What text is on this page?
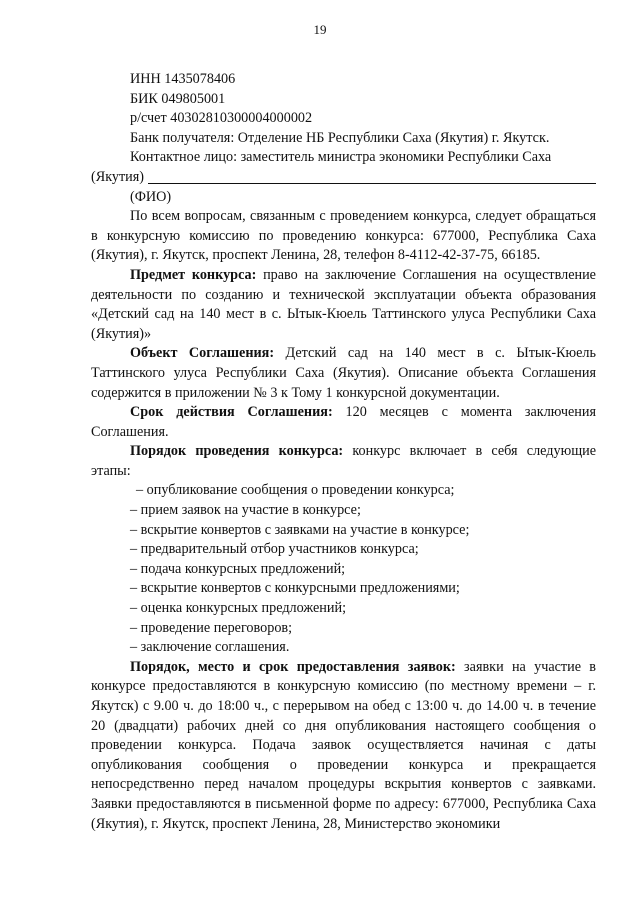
19
ИНН 1435078406
БИК 049805001
р/счет 40302810300004000002
Банк получателя: Отделение НБ Республики Саха (Якутия) г. Якутск.

Контактное лицо: заместитель министра экономики Республики Саха

(Якутия)
(ФИО)

По всем вопросам, связанным с проведением конкурса, следует обращаться в конкурсную комиссию по проведению конкурса: 677000, Республика Саха (Якутия), г. Якутск, проспект Ленина, 28, телефон 8-4112-42-37-75, 66185.

Предмет конкурса: право на заключение Соглашения на осуществление деятельности по созданию и технической эксплуатации объекта образования «Детский сад на 140 мест в с. Ытык-Кюель Таттинского улуса Республики Саха (Якутия)»

Объект Соглашения: Детский сад на 140 мест в с. Ытык-Кюель Таттинского улуса Республики Саха (Якутия). Описание объекта Соглашения содержится в приложении № 3 к Тому 1 конкурсной документации.

Срок действия Соглашения: 120 месяцев с момента заключения Соглашения.

Порядок проведения конкурса: конкурс включает в себя следующие этапы:

– опубликование сообщения о проведении конкурса;
– прием заявок на участие в конкурсе;
– вскрытие конвертов с заявками на участие в конкурсе;
– предварительный отбор участников конкурса;
– подача конкурсных предложений;
– вскрытие конвертов с конкурсными предложениями;
– оценка конкурсных предложений;
– проведение переговоров;
– заключение соглашения.

Порядок, место и срок предоставления заявок: заявки на участие в конкурсе предоставляются в конкурсную комиссию (по местному времени – г. Якутск) с 9.00 ч. до 18:00 ч., с перерывом на обед с 13:00 ч. до 14.00 ч. в течение 20 (двадцати) рабочих дней со дня опубликования настоящего сообщения о проведении конкурса. Подача заявок осуществляется начиная с даты опубликования сообщения о проведении конкурса и прекращается непосредственно перед началом процедуры вскрытия конвертов с заявками. Заявки предоставляются в письменной форме по адресу: 677000, Республика Саха (Якутия), г. Якутск, проспект Ленина, 28, Министерство экономики
